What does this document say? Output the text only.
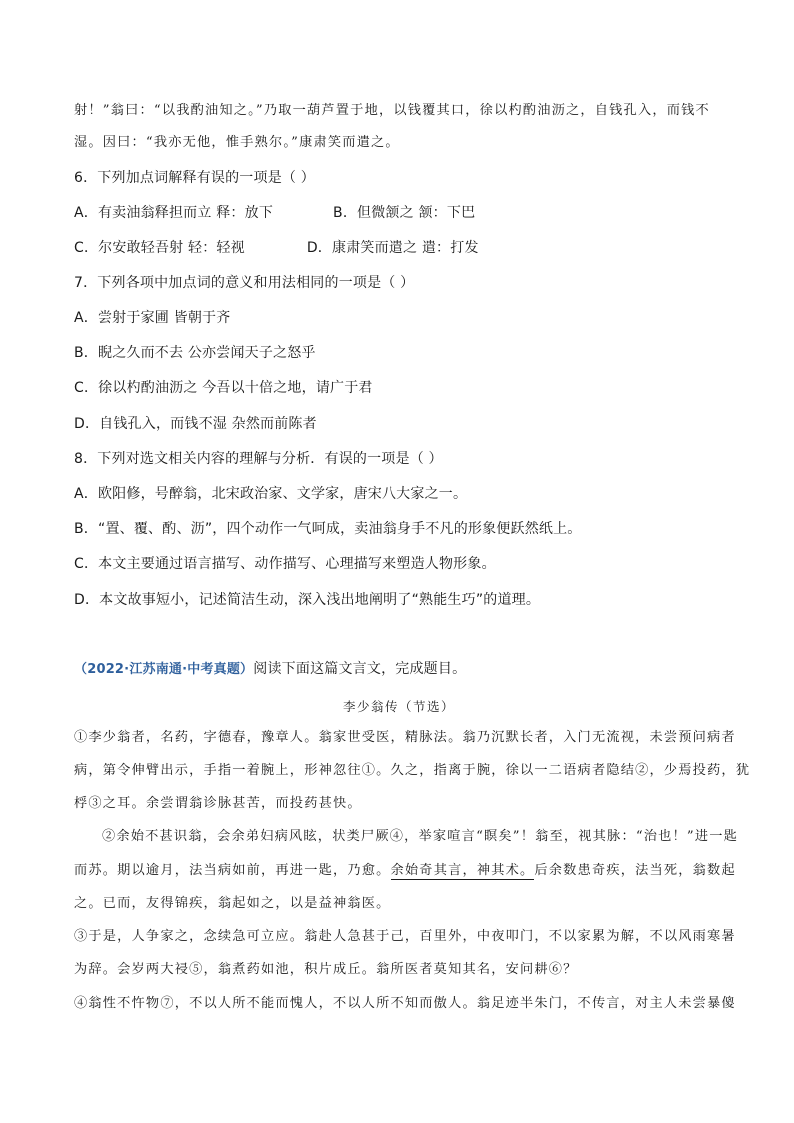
射！”翁曰：“以我酌油知之。”乃取一葫芦置于地，以钱覆其口，徐以杓酌油沥之，自钱孔入，而钱不
湿。因曰：“我亦无他，惟手熟尔。”康肃笑而遣之。
6．下列加点词解释有误的一项是（ ）
A．有卖油翁释担而立 释：放下	B．但微颔之 颔：下巴
C．尔安敢轻吾射 轻：轻视	D．康肃笑而遣之 遣：打发
7．下列各项中加点词的意义和用法相同的一项是（ ）
A．尝射于家圃 皆朝于齐
B．睨之久而不去 公亦尝闻天子之怒乎
C．徐以杓酌油沥之 今吾以十倍之地，请广于君
D．自钱孔入，而钱不湿 杂然而前陈者
8．下列对选文相关内容的理解与分析．有误的一项是（ ）
A．欧阳修，号醉翁，北宋政治家、文学家，唐宋八大家之一。
B．“置、覆、酌、沥”，四个动作一气呵成，卖油翁身手不凡的形象便跃然纸上。
C．本文主要通过语言描写、动作描写、心理描写来塑造人物形象。
D．本文故事短小，记述简洁生动，深入浅出地阐明了“熟能生巧”的道理。
（2022·江苏南通·中考真题）阅读下面这篇文言文，完成题目。
李少翁传（节选）
①李少翁者，名药，字德春，豫章人。翁家世受医，精脉法。翁乃沉默长者，入门无流视，未尝预问病者
病，第令伸臂出示，手指一着腕上，形神忽往①。久之，指离于腕，徐以一二语病者隐结②，少焉投药，犹
桴③之耳。余尝谓翁诊脉甚苦，而投药甚快。
②余始不甚识翁，会余弟妇病风眩，状类尸厥④，举家喧言“瞑矣”！翁至，视其脉：“治也！”进一匙
而苏。期以逾月，法当病如前，再进一匙，乃愈。余始奇其言，神其术。后余数患奇疾，法当死，翁数起
之。已而，友得锦疾，翁起如之，以是益神翁医。
③于是，人争家之，念续急可立应。翁赴人急甚于己，百里外，中夜叩门，不以家累为解，不以风雨寒暑
为辞。会岁两大祲⑤，翁煮药如池，积片成丘。翁所医者莫知其名，安问耕⑥？
④翁性不忤物⑦，不以人所不能而愧人，不以人所不知而傲人。翁足迹半朱门，不传言，对主人未尝暴傻
